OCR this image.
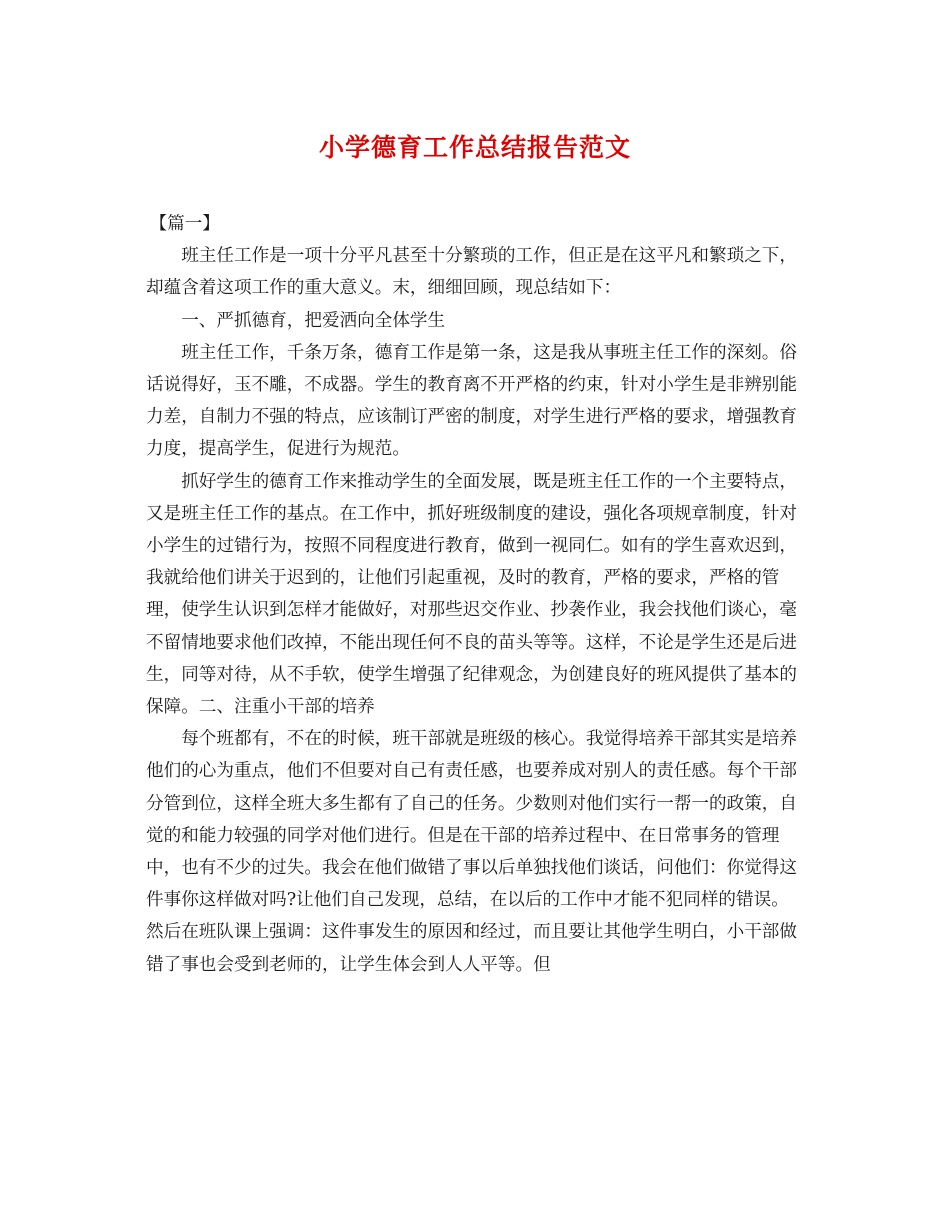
小学德育工作总结报告范文

【篇一】

班主任工作是一项十分平凡甚至十分繁琐的工作，但正是在这平凡和繁琐之下，却蕴含着这项工作的重大意义。末，细细回顾，现总结如下：

一、严抓德育，把爱洒向全体学生

班主任工作，千条万条，德育工作是第一条，这是我从事班主任工作的深刻。俗话说得好，玉不雕，不成器。学生的教育离不开严格的约束，针对小学生是非辨别能力差，自制力不强的特点，应该制订严密的制度，对学生进行严格的要求，增强教育力度，提高学生，促进行为规范。

抓好学生的德育工作来推动学生的全面发展，既是班主任工作的一个主要特点，又是班主任工作的基点。在工作中，抓好班级制度的建设，强化各项规章制度，针对小学生的过错行为，按照不同程度进行教育，做到一视同仁。如有的学生喜欢迟到，我就给他们讲关于迟到的，让他们引起重视，及时的教育，严格的要求，严格的管理，使学生认识到怎样才能做好，对那些迟交作业、抄袭作业，我会找他们谈心，毫不留情地要求他们改掉，不能出现任何不良的苗头等等。这样，不论是学生还是后进生，同等对待，从不手软，使学生增强了纪律观念，为创建良好的班风提供了基本的保障。二、注重小干部的培养

每个班都有，不在的时候，班干部就是班级的核心。我觉得培养干部其实是培养他们的心为重点，他们不但要对自己有责任感，也要养成对别人的责任感。每个干部分管到位，这样全班大多生都有了自己的任务。少数则对他们实行一帮一的政策，自觉的和能力较强的同学对他们进行。但是在干部的培养过程中、在日常事务的管理中，也有不少的过失。我会在他们做错了事以后单独找他们谈话，问他们：你觉得这件事你这样做对吗?让他们自己发现，总结，在以后的工作中才能不犯同样的错误。然后在班队课上强调：这件事发生的原因和经过，而且要让其他学生明白，小干部做错了事也会受到老师的，让学生体会到人人平等。但
